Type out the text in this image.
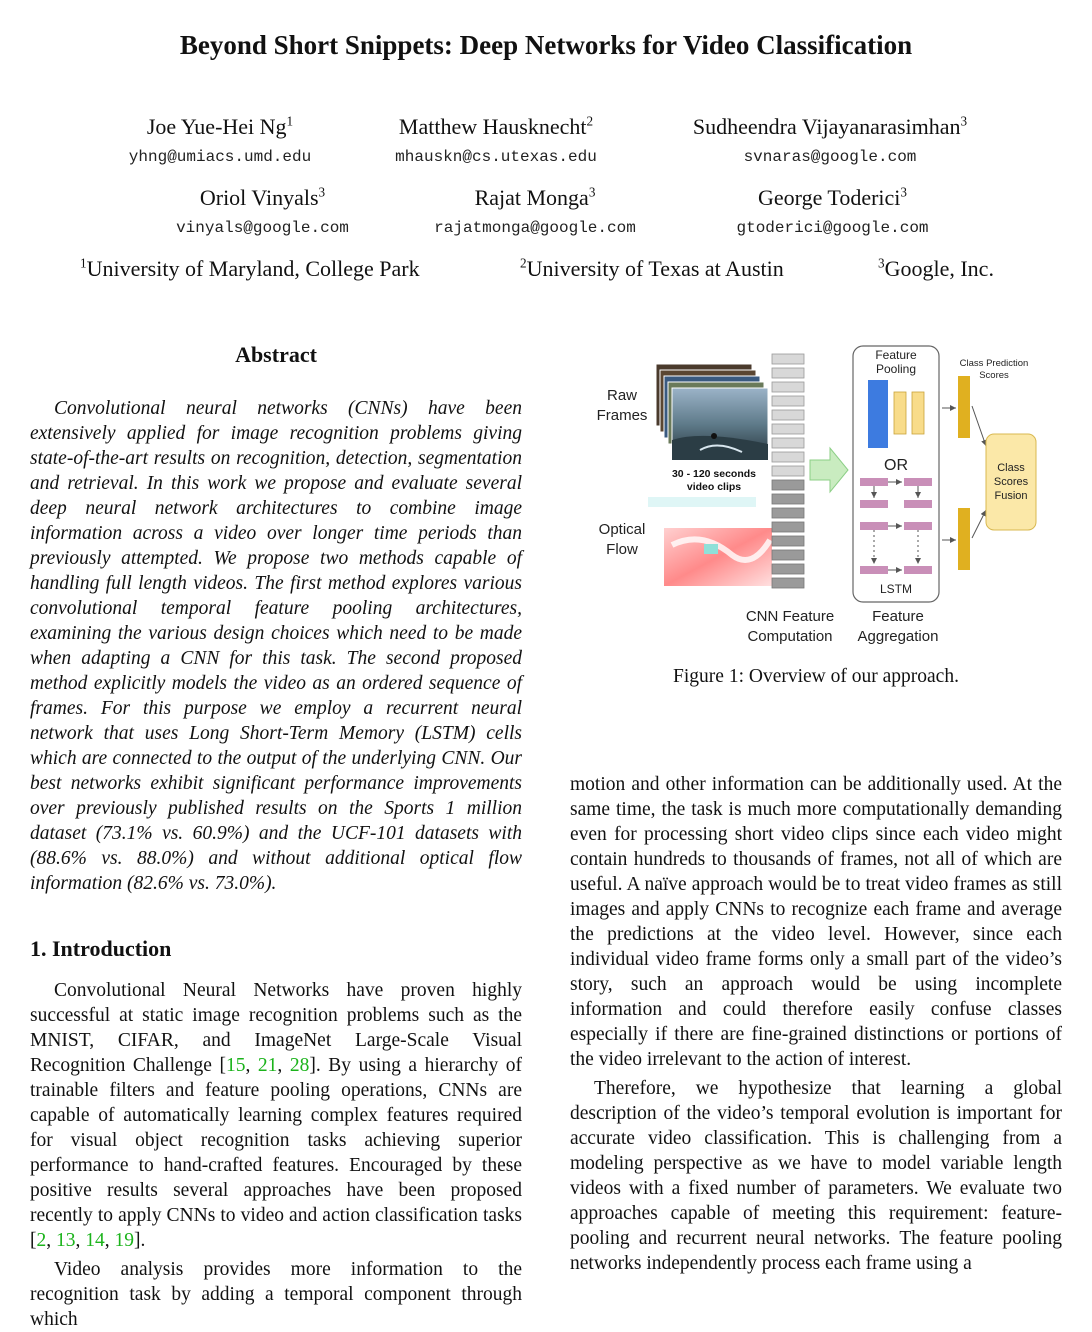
Beyond Short Snippets: Deep Networks for Video Classification
Joe Yue-Hei Ng$^1$
yhng@umiacs.umd.edu
Matthew Hausknecht$^2$
mhauskn@cs.utexas.edu
Sudheendra Vijayanarasimhan$^3$
svnaras@google.com
Oriol Vinyals$^3$
vinyals@google.com
Rajat Monga$^3$
rajatmonga@google.com
George Toderici$^3$
gtoderici@google.com
$^1$University of Maryland, College Park	$^2$University of Texas at Austin	$^3$Google, Inc.
Abstract

Convolutional neural networks (CNNs) have been extensively applied for image recognition problems giving state-of-the-art results on recognition, detection, segmentation and retrieval. In this work we propose and evaluate several deep neural network architectures to combine image information across a video over longer time periods than previously attempted. We propose two methods capable of handling full length videos. The first method explores various convolutional temporal feature pooling architectures, examining the various design choices which need to be made when adapting a CNN for this task. The second proposed method explicitly models the video as an ordered sequence of frames. For this purpose we employ a recurrent neural network that uses Long Short-Term Memory (LSTM) cells which are connected to the output of the underlying CNN. Our best networks exhibit significant performance improvements over previously published results on the Sports 1 million dataset (73.1% vs. 60.9%) and the UCF-101 datasets with (88.6% vs. 88.0%) and without additional optical flow information (82.6% vs. 73.0%).

1. Introduction

Convolutional Neural Networks have proven highly successful at static image recognition problems such as the MNIST, CIFAR, and ImageNet Large-Scale Visual Recognition Challenge [15, 21, 28]. By using a hierarchy of trainable filters and feature pooling operations, CNNs are capable of automatically learning complex features required for visual object recognition tasks achieving superior performance to hand-crafted features. Encouraged by these positive results several approaches have been proposed recently to apply CNNs to video and action classification tasks [2, 13, 14, 19].

Video analysis provides more information to the recognition task by adding a temporal component through which

motion and other information can be additionally used. At the same time, the task is much more computationally demanding even for processing short video clips since each video might contain hundreds to thousands of frames, not all of which are useful. A naïve approach would be to treat video frames as still images and apply CNNs to recognize each frame and average the predictions at the video level. However, since each individual video frame forms only a small part of the video’s story, such an approach would be using incomplete information and could therefore easily confuse classes especially if there are fine-grained distinctions or portions of the video irrelevant to the action of interest.

Therefore, we hypothesize that learning a global description of the video’s temporal evolution is important for accurate video classification. This is challenging from a modeling perspective as we have to model variable length videos with a fixed number of parameters. We evaluate two approaches capable of meeting this requirement: feature-pooling and recurrent neural networks. The feature pooling networks independently process each frame using a

Raw
Frames
30 - 120 seconds
video clips
Optical
Flow
Feature
Pooling
OR
LSTM
Class Prediction
Scores
Class
Scores
Fusion
CNN Feature
Computation
Feature
Aggregation
Figure 1: Overview of our approach.
